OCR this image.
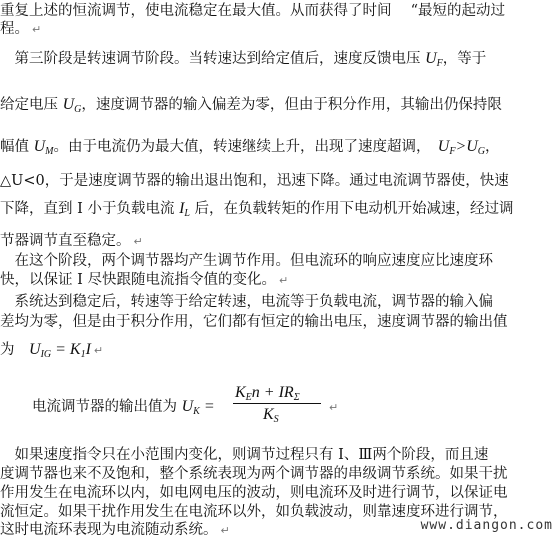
重复上述的恒流调节，使电流稳定在最大值。从而获得了时间　 “最短的起动过
程。 ↵
　第三阶段是转速调节阶段。当转速达到给定值后，速度反馈电压 $U_F$，等于
给定电压 $U_G$，速度调节器的输入偏差为零，但由于积分作用，其输出仍保持限
幅值 $U_M$。由于电流仍为最大值，转速继续上升，出现了速度超调，　$U_F>U_G$，
△U<0，于是速度调节器的输出退出饱和，迅速下降。通过电流调节器使，快速
下降，直到 I 小于负载电流 $I_L$ 后，在负载转矩的作用下电动机开始减速，经过调
节器调节直至稳定。 ↵
　在这个阶段，两个调节器均产生调节作用。但电流环的响应速度应比速度环
快，以保证 I 尽快跟随电流指令值的变化。 ↵
　系统达到稳定后，转速等于给定转速，电流等于负载电流，调节器的输入偏
差均为零，但是由于积分作用，它们都有恒定的输出电压，速度调节器的输出值
为　$U_{IG} = K_1I$ ↵
电流调节器的输出值为 $U_K$ =
$K_En + IR_\Sigma$
$K_S$
↵
　如果速度指令只在小范围内变化，则调节过程只有 I、Ⅲ两个阶段，而且速
度调节器也来不及饱和，整个系统表现为两个调节器的串级调节系统。如果干扰
作用发生在电流环以内，如电网电压的波动，则电流环及时进行调节，以保证电
流恒定。如果干扰作用发生在电流环以外，如负载波动，则靠速度环进行调节，
这时电流环表现为电流随动系统。 ↵	www.diangon.com
